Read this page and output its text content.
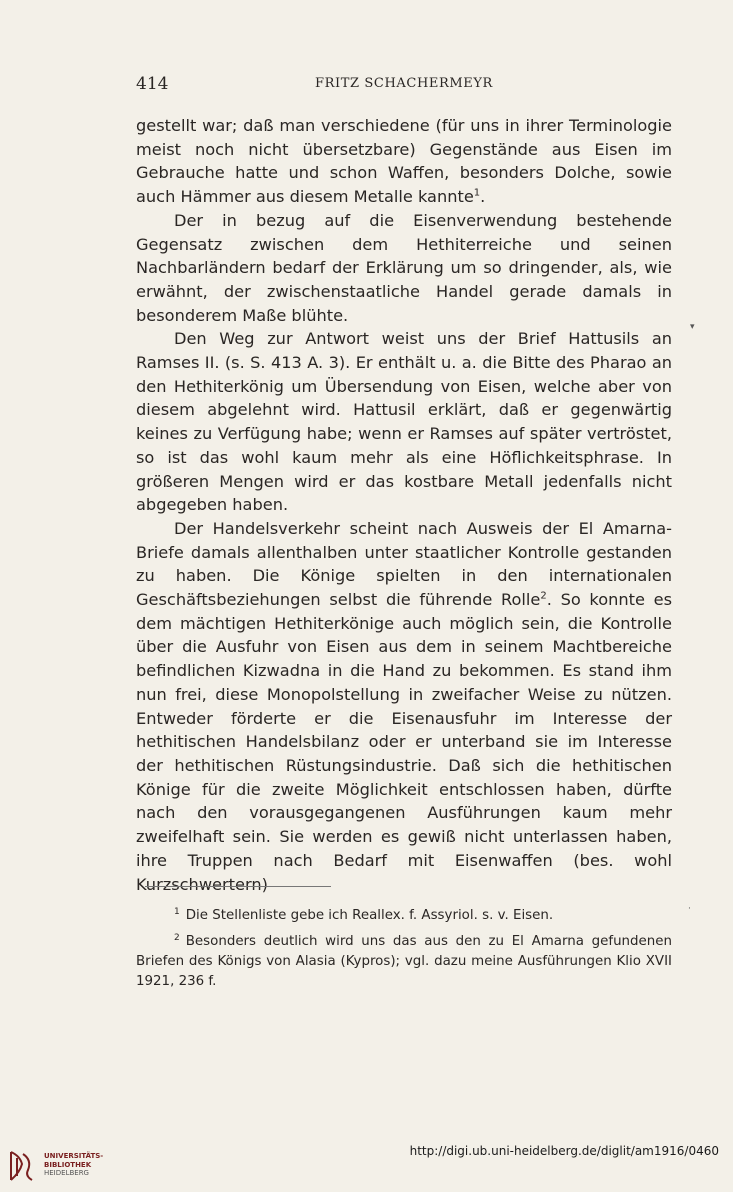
414	FRITZ SCHACHERMEYR

gestellt war; daß man verschiedene (für uns in ihrer Terminologie meist noch nicht übersetzbare) Gegenstände aus Eisen im Gebrauche hatte und schon Waffen, besonders Dolche, sowie auch Hämmer aus diesem Metalle kannte$^1$.

Der in bezug auf die Eisenverwendung bestehende Gegensatz zwischen dem Hethiterreiche und seinen Nachbarländern bedarf der Erklärung um so dringender, als, wie erwähnt, der zwischenstaatliche Handel gerade damals in besonderem Maße blühte.

Den Weg zur Antwort weist uns der Brief Hattusils an Ramses II. (s. S. 413 A. 3). Er enthält u. a. die Bitte des Pharao an den Hethiterkönig um Übersendung von Eisen, welche aber von diesem abgelehnt wird. Hattusil erklärt, daß er gegenwärtig keines zu Verfügung habe; wenn er Ramses auf später vertröstet, so ist das wohl kaum mehr als eine Höflichkeitsphrase. In größeren Mengen wird er das kostbare Metall jedenfalls nicht abgegeben haben.

Der Handelsverkehr scheint nach Ausweis der El Amarna-Briefe damals allenthalben unter staatlicher Kontrolle gestanden zu haben. Die Könige spielten in den internationalen Geschäftsbeziehungen selbst die führende Rolle$^2$. So konnte es dem mächtigen Hethiterkönige auch möglich sein, die Kontrolle über die Ausfuhr von Eisen aus dem in seinem Machtbereiche befindlichen Kizwadna in die Hand zu bekommen. Es stand ihm nun frei, diese Monopolstellung in zweifacher Weise zu nützen. Entweder förderte er die Eisenausfuhr im Interesse der hethitischen Handelsbilanz oder er unterband sie im Interesse der hethitischen Rüstungsindustrie. Daß sich die hethitischen Könige für die zweite Möglichkeit entschlossen haben, dürfte nach den vorausgegangenen Ausführungen kaum mehr zweifelhaft sein. Sie werden es gewiß nicht unterlassen haben, ihre Truppen nach Bedarf mit Eisenwaffen (bes. wohl Kurzschwertern)

▾

$^1$ Die Stellenliste gebe ich Reallex. f. Assyriol. s. v. Eisen.

$^2$ Besonders deutlich wird uns das aus den zu El Amarna gefundenen Briefen des Königs von Alasia (Kypros); vgl. dazu meine Ausführungen Klio XVII 1921, 236 f.

·
UNIVERSITÄTS-
BIBLIOTHEK
HEIDELBERG
http://digi.ub.uni-heidelberg.de/diglit/am1916/0460
